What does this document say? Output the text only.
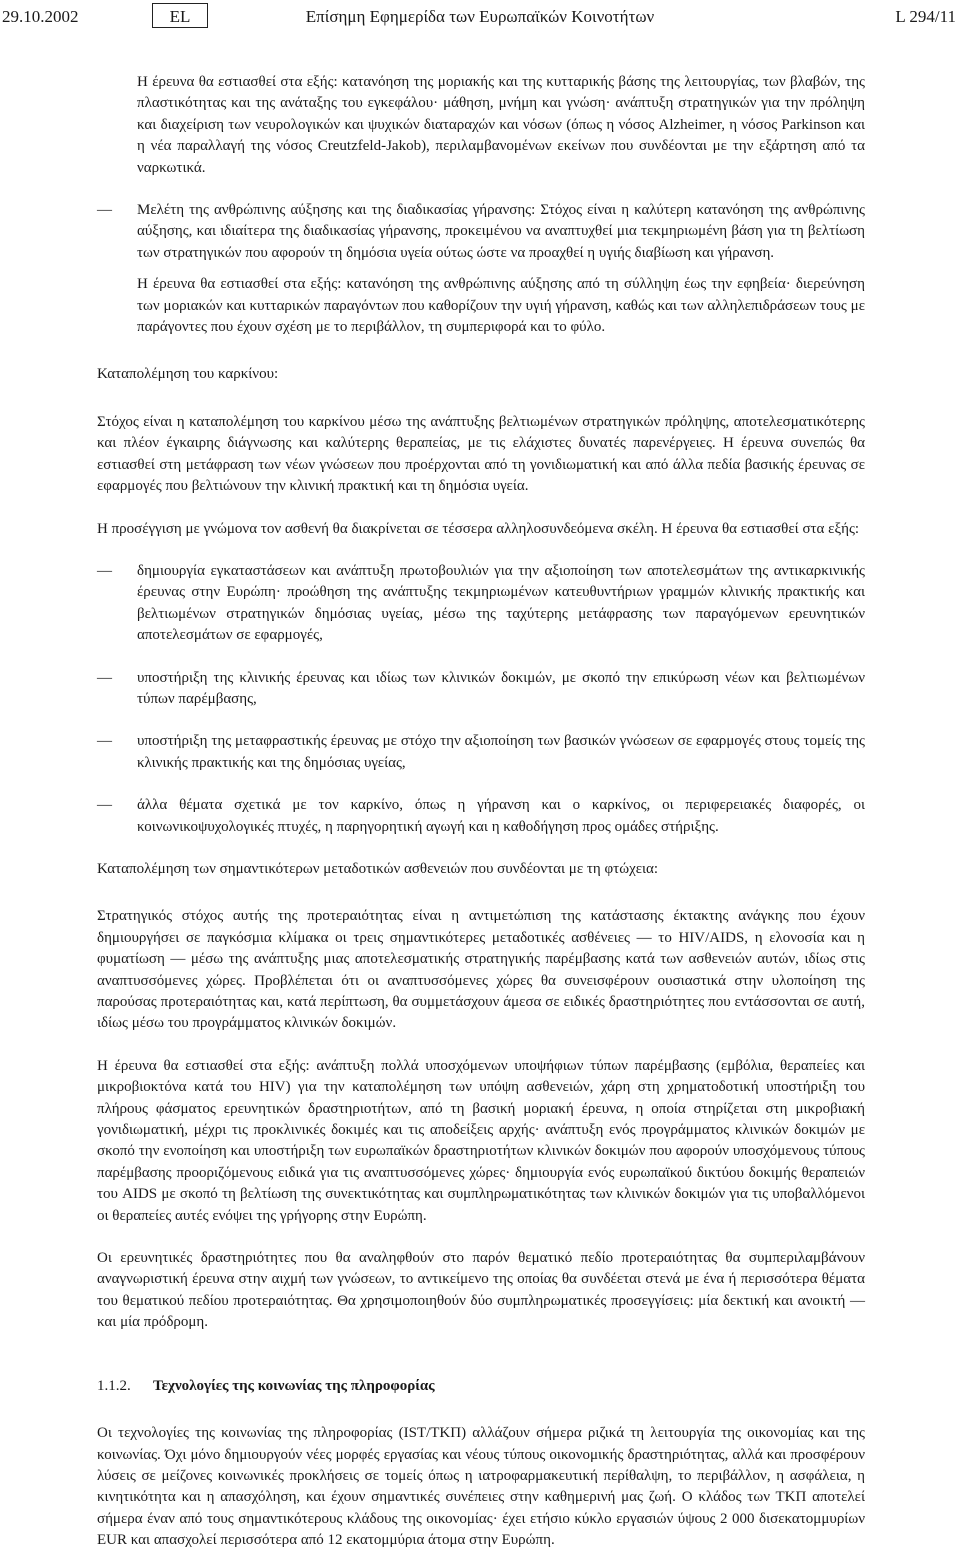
29.10.2002	EL	Επίσημη Εφημερίδα των Ευρωπαϊκών Κοινοτήτων	L 294/11

Η έρευνα θα εστιασθεί στα εξής: κατανόηση της μοριακής και της κυτταρικής βάσης της λειτουργίας, των βλαβών, της πλαστικότητας και της ανάταξης του εγκεφάλου· μάθηση, μνήμη και γνώση· ανάπτυξη στρατηγικών για την πρόληψη και διαχείριση των νευρολογικών και ψυχικών διαταραχών και νόσων (όπως η νόσος Alzheimer, η νόσος Parkinson και η νέα παραλλαγή της νόσος Creutzfeld-Jakob), περιλαμβανομένων εκείνων που συνδέονται με την εξάρτηση από τα ναρκωτικά.

—	Μελέτη της ανθρώπινης αύξησης και της διαδικασίας γήρανσης: Στόχος είναι η καλύτερη κατανόηση της ανθρώπινης αύξησης, και ιδιαίτερα της διαδικασίας γήρανσης, προκειμένου να αναπτυχθεί μια τεκμηριωμένη βάση για τη βελτίωση των στρατηγικών που αφορούν τη δημόσια υγεία ούτως ώστε να προαχθεί η υγιής διαβίωση και γήρανση.

Η έρευνα θα εστιασθεί στα εξής: κατανόηση της ανθρώπινης αύξησης από τη σύλληψη έως την εφηβεία· διερεύνηση των μοριακών και κυτταρικών παραγόντων που καθορίζουν την υγιή γήρανση, καθώς και των αλληλεπιδράσεων τους με παράγοντες που έχουν σχέση με το περιβάλλον, τη συμπεριφορά και το φύλο.

Καταπολέμηση του καρκίνου:

Στόχος είναι η καταπολέμηση του καρκίνου μέσω της ανάπτυξης βελτιωμένων στρατηγικών πρόληψης, αποτελεσματικότερης και πλέον έγκαιρης διάγνωσης και καλύτερης θεραπείας, με τις ελάχιστες δυνατές παρενέργειες. Η έρευνα συνεπώς θα εστιασθεί στη μετάφραση των νέων γνώσεων που προέρχονται από τη γονιδιωματική και από άλλα πεδία βασικής έρευνας σε εφαρμογές που βελτιώνουν την κλινική πρακτική και τη δημόσια υγεία.

Η προσέγγιση με γνώμονα τον ασθενή θα διακρίνεται σε τέσσερα αλληλοσυνδεόμενα σκέλη. Η έρευνα θα εστιασθεί στα εξής:

—	δημιουργία εγκαταστάσεων και ανάπτυξη πρωτοβουλιών για την αξιοποίηση των αποτελεσμάτων της αντικαρκινικής έρευνας στην Ευρώπη· προώθηση της ανάπτυξης τεκμηριωμένων κατευθυντήριων γραμμών κλινικής πρακτικής και βελτιωμένων στρατηγικών δημόσιας υγείας, μέσω της ταχύτερης μετάφρασης των παραγόμενων ερευνητικών αποτελεσμάτων σε εφαρμογές,

—	υποστήριξη της κλινικής έρευνας και ιδίως των κλινικών δοκιμών, με σκοπό την επικύρωση νέων και βελτιωμένων τύπων παρέμβασης,

—	υποστήριξη της μεταφραστικής έρευνας με στόχο την αξιοποίηση των βασικών γνώσεων σε εφαρμογές στους τομείς της κλινικής πρακτικής και της δημόσιας υγείας,

—	άλλα θέματα σχετικά με τον καρκίνο, όπως η γήρανση και ο καρκίνος, οι περιφερειακές διαφορές, οι κοινωνικοψυχολογικές πτυχές, η παρηγορητική αγωγή και η καθοδήγηση προς ομάδες στήριξης.

Καταπολέμηση των σημαντικότερων μεταδοτικών ασθενειών που συνδέονται με τη φτώχεια:

Στρατηγικός στόχος αυτής της προτεραιότητας είναι η αντιμετώπιση της κατάστασης έκτακτης ανάγκης που έχουν δημιουργήσει σε παγκόσμια κλίμακα οι τρεις σημαντικότερες μεταδοτικές ασθένειες — το HIV/AIDS, η ελονοσία και η φυματίωση — μέσω της ανάπτυξης μιας αποτελεσματικής στρατηγικής παρέμβασης κατά των ασθενειών αυτών, ιδίως στις αναπτυσσόμενες χώρες. Προβλέπεται ότι οι αναπτυσσόμενες χώρες θα συνεισφέρουν ουσιαστικά στην υλοποίηση της παρούσας προτεραιότητας και, κατά περίπτωση, θα συμμετάσχουν άμεσα σε ειδικές δραστηριότητες που εντάσσονται σε αυτή, ιδίως μέσω του προγράμματος κλινικών δοκιμών.

Η έρευνα θα εστιασθεί στα εξής: ανάπτυξη πολλά υποσχόμενων υποψήφιων τύπων παρέμβασης (εμβόλια, θεραπείες και μικροβιοκτόνα κατά του HIV) για την καταπολέμηση των υπόψη ασθενειών, χάρη στη χρηματοδοτική υποστήριξη του πλήρους φάσματος ερευνητικών δραστηριοτήτων, από τη βασική μοριακή έρευνα, η οποία στηρίζεται στη μικροβιακή γονιδιωματική, μέχρι τις προκλινικές δοκιμές και τις αποδείξεις αρχής· ανάπτυξη ενός προγράμματος κλινικών δοκιμών με σκοπό την ενοποίηση και υποστήριξη των ευρωπαϊκών δραστηριοτήτων κλινικών δοκιμών που αφορούν υποσχόμενους τύπους παρέμβασης προοριζόμενους ειδικά για τις αναπτυσσόμενες χώρες· δημιουργία ενός ευρωπαϊκού δικτύου δοκιμής θεραπειών του AIDS με σκοπό τη βελτίωση της συνεκτικότητας και συμπληρωματικότητας των κλινικών δοκιμών για τις υποβαλλόμενοι οι θεραπείες αυτές ενόψει της γρήγορης στην Ευρώπη.

Οι ερευνητικές δραστηριότητες που θα αναληφθούν στο παρόν θεματικό πεδίο προτεραιότητας θα συμπεριλαμβάνουν αναγνωριστική έρευνα στην αιχμή των γνώσεων, το αντικείμενο της οποίας θα συνδέεται στενά με ένα ή περισσότερα θέματα του θεματικού πεδίου προτεραιότητας. Θα χρησιμοποιηθούν δύο συμπληρωματικές προσεγγίσεις: μία δεκτική και ανοικτή — και μία πρόδρομη.

1.1.2.	Τεχνολογίες της κοινωνίας της πληροφορίας

Οι τεχνολογίες της κοινωνίας της πληροφορίας (IST/ΤΚΠ) αλλάζουν σήμερα ριζικά τη λειτουργία της οικονομίας και της κοινωνίας. Όχι μόνο δημιουργούν νέες μορφές εργασίας και νέους τύπους οικονομικής δραστηριότητας, αλλά και προσφέρουν λύσεις σε μείζονες κοινωνικές προκλήσεις σε τομείς όπως η ιατροφαρμακευτική περίθαλψη, το περιβάλλον, η ασφάλεια, η κινητικότητα και η απασχόληση, και έχουν σημαντικές συνέπειες στην καθημερινή μας ζωή. Ο κλάδος των ΤΚΠ αποτελεί σήμερα έναν από τους σημαντικότερους κλάδους της οικονομίας· έχει ετήσιο κύκλο εργασιών ύψους 2 000 δισεκατομμυρίων EUR και απασχολεί περισσότερα από 12 εκατομμύρια άτομα στην Ευρώπη.
